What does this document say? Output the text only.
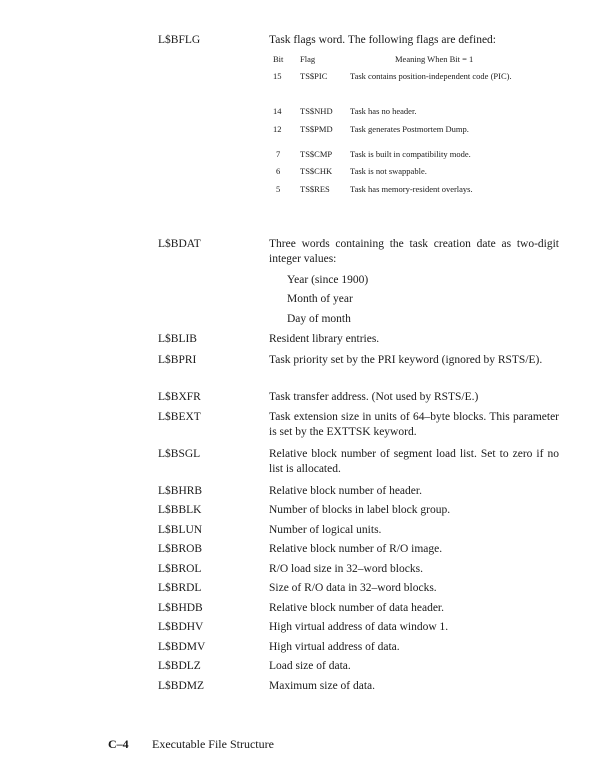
C–4 Executable File Structure
L$BFLG	Task flags word. The following flags are defined:
L$BDAT	Three words containing the task creation date as two-digit integer values:
L$BLIB	Resident library entries.
L$BPRI	Task priority set by the PRI keyword (ignored by RSTS/E).
L$BXFR	Task transfer address. (Not used by RSTS/E.)
L$BEXT	Task extension size in units of 64–byte blocks. This parameter is set by the EXTTSK keyword.
L$BSGL	Relative block number of segment load list. Set to zero if no list is allocated.
L$BHRB	Relative block number of header.
L$BBLK	Number of blocks in label block group.
L$BLUN	Number of logical units.
L$BROB	Relative block number of R/O image.
L$BROL	R/O load size in 32–word blocks.
L$BRDL	Size of R/O data in 32–word blocks.
L$BHDB	Relative block number of data header.
L$BDHV	High virtual address of data window 1.
L$BDMV	High virtual address of data.
L$BDLZ	Load size of data.
L$BDMZ	Maximum size of data.
Bit Flag	Meaning When Bit = 1
15 TS$PIC	Task contains position-independent code (PIC).
14 TS$NHD Task has no header.
12 TS$PMD Task generates Postmortem Dump.
7 TS$CMP Task is built in compatibility mode.
6 TS$CHK Task is not swappable.
5 TS$RES Task has memory-resident overlays.
Year (since 1900)
Month of year
Day of month
